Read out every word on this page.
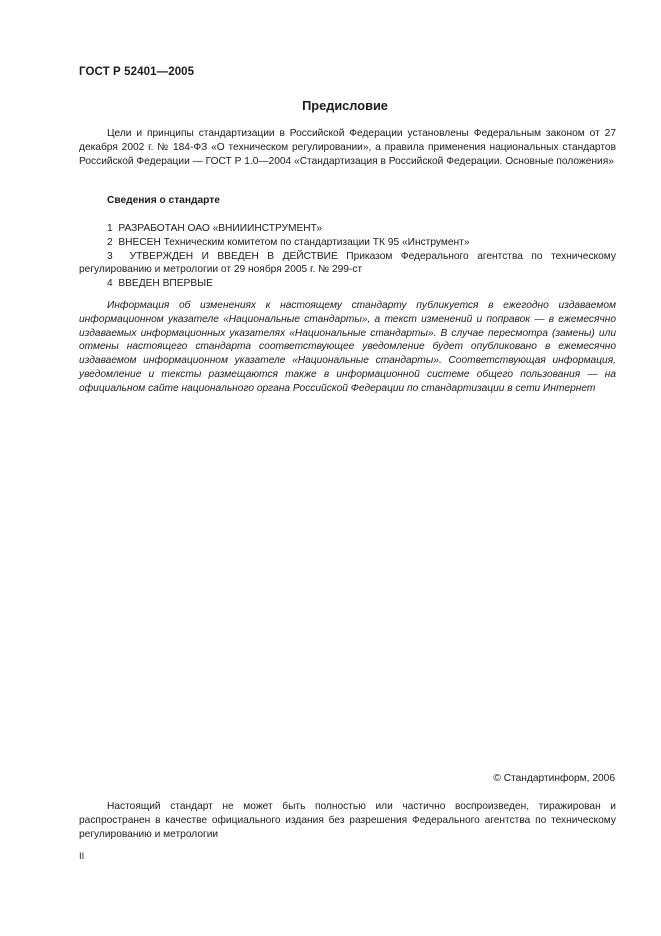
ГОСТ Р 52401—2005
Предисловие

Цели и принципы стандартизации в Российской Федерации установлены Федеральным законом от 27 декабря 2002 г. № 184-ФЗ «О техническом регулировании», а правила применения национальных стандартов Российской Федерации — ГОСТ Р 1.0—2004 «Стандартизация в Российской Федерации. Основные положения»

Сведения о стандарте

1 РАЗРАБОТАН ОАО «ВНИИИНСТРУМЕНТ»

2 ВНЕСЕН Техническим комитетом по стандартизации ТК 95 «Инструмент»

3 УТВЕРЖДЕН И ВВЕДЕН В ДЕЙСТВИЕ Приказом Федерального агентства по техническому регулированию и метрологии от 29 ноября 2005 г. № 299-ст

4 ВВЕДЕН ВПЕРВЫЕ

Информация об изменениях к настоящему стандарту публикуется в ежегодно издаваемом информационном указателе «Национальные стандарты», а текст изменений и поправок — в ежемесячно издаваемых информационных указателях «Национальные стандарты». В случае пересмотра (замены) или отмены настоящего стандарта соответствующее уведомление будет опубликовано в ежемесячно издаваемом информационном указателе «Национальные стандарты». Соответствующая информация, уведомление и тексты размещаются также в информационной системе общего пользования — на официальном сайте национального органа Российской Федерации по стандартизации в сети Интернет

© Стандартинформ, 2006

Настоящий стандарт не может быть полностью или частично воспроизведен, тиражирован и распространен в качестве официального издания без разрешения Федерального агентства по техническому регулированию и метрологии

II
